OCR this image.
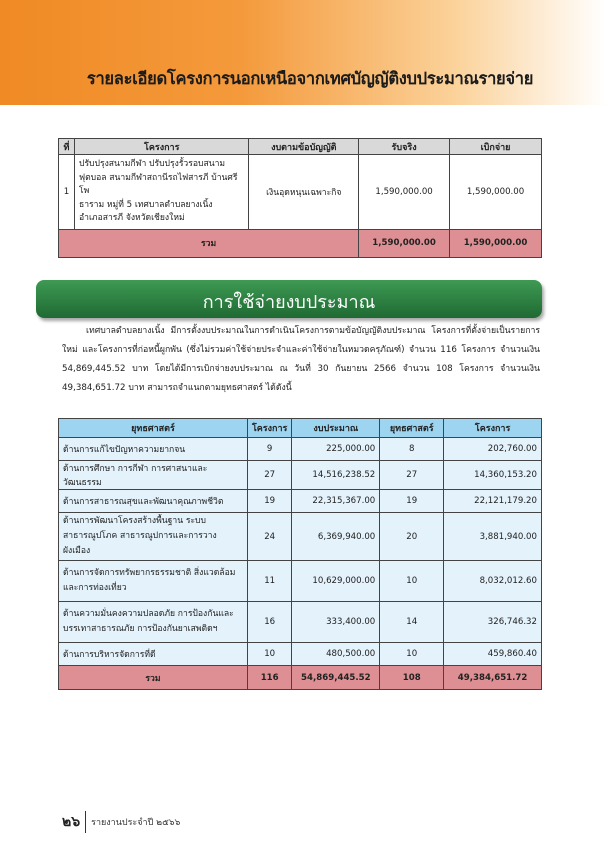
รายละเอียดโครงการนอกเหนือจากเทศบัญญัติงบประมาณรายจ่าย
ที่	โครงการ	งบตามข้อบัญญัติ	รับจริง	เบิกจ่าย
1	ปรับปรุงสนามกีฬา ปรับปรุงรั้วรอบสนาม
ฟุตบอล สนามกีฬาสถานีรถไฟสารภี บ้านศรีโพ
ธาราม หมู่ที่ 5 เทศบาลตำบลยางเนิ้ง
อำเภอสารภี จังหวัดเชียงใหม่	เงินอุดหนุนเฉพาะกิจ	1,590,000.00	1,590,000.00
รวม			1,590,000.00	1,590,000.00
การใช้จ่ายงบประมาณ
เทศบาลตำบลยางเนิ้ง มีการตั้งงบประมาณในการดำเนินโครงการตามข้อบัญญัติงบประมาณ โครงการที่ตั้งจ่ายเป็นรายการใหม่ และโครงการที่ก่อหนี้ผูกพัน (ซึ่งไม่รวมค่าใช้จ่ายประจำและค่าใช้จ่ายในหมวดครุภัณฑ์) จำนวน 116 โครงการ จำนวนเงิน 54,869,445.52 บาท โดยได้มีการเบิกจ่ายงบประมาณ ณ วันที่ 30 กันยายน 2566 จำนวน 108 โครงการ จำนวนเงิน 49,384,651.72 บาท สามารถจำแนกตามยุทธศาสตร์ ได้ดังนี้
ยุทธศาสตร์	โครงการ	งบประมาณ	ยุทธศาสตร์	โครงการ

ด้านการแก้ไขปัญหาความยากจน	9	225,000.00	8	202,760.00

ด้านการศึกษา การกีฬา การศาสนาและวัฒนธรรม	27	14,516,238.52	27	14,360,153.20

ด้านการสาธารณสุขและพัฒนาคุณภาพชีวิต	19	22,315,367.00	19	22,121,179.20

ด้านการพัฒนาโครงสร้างพื้นฐาน ระบบ
สาธารณูปโภค สาธารณูปการและการวางผังเมือง	24	6,369,940.00	20	3,881,940.00

ด้านการจัดการทรัพยากรธรรมชาติ สิ่งแวดล้อม
และการท่องเที่ยว	11	10,629,000.00	10	8,032,012.60

ด้านความมั่นคงความปลอดภัย การป้องกันและ
บรรเทาสาธารณภัย การป้องกันยาเสพติดฯ	16	333,400.00	14	326,746.32

ด้านการบริหารจัดการที่ดี	10	480,500.00	10	459,860.40
รวม	116	54,869,445.52	108	49,384,651.72
๒๖	รายงานประจำปี ๒๕๖๖
